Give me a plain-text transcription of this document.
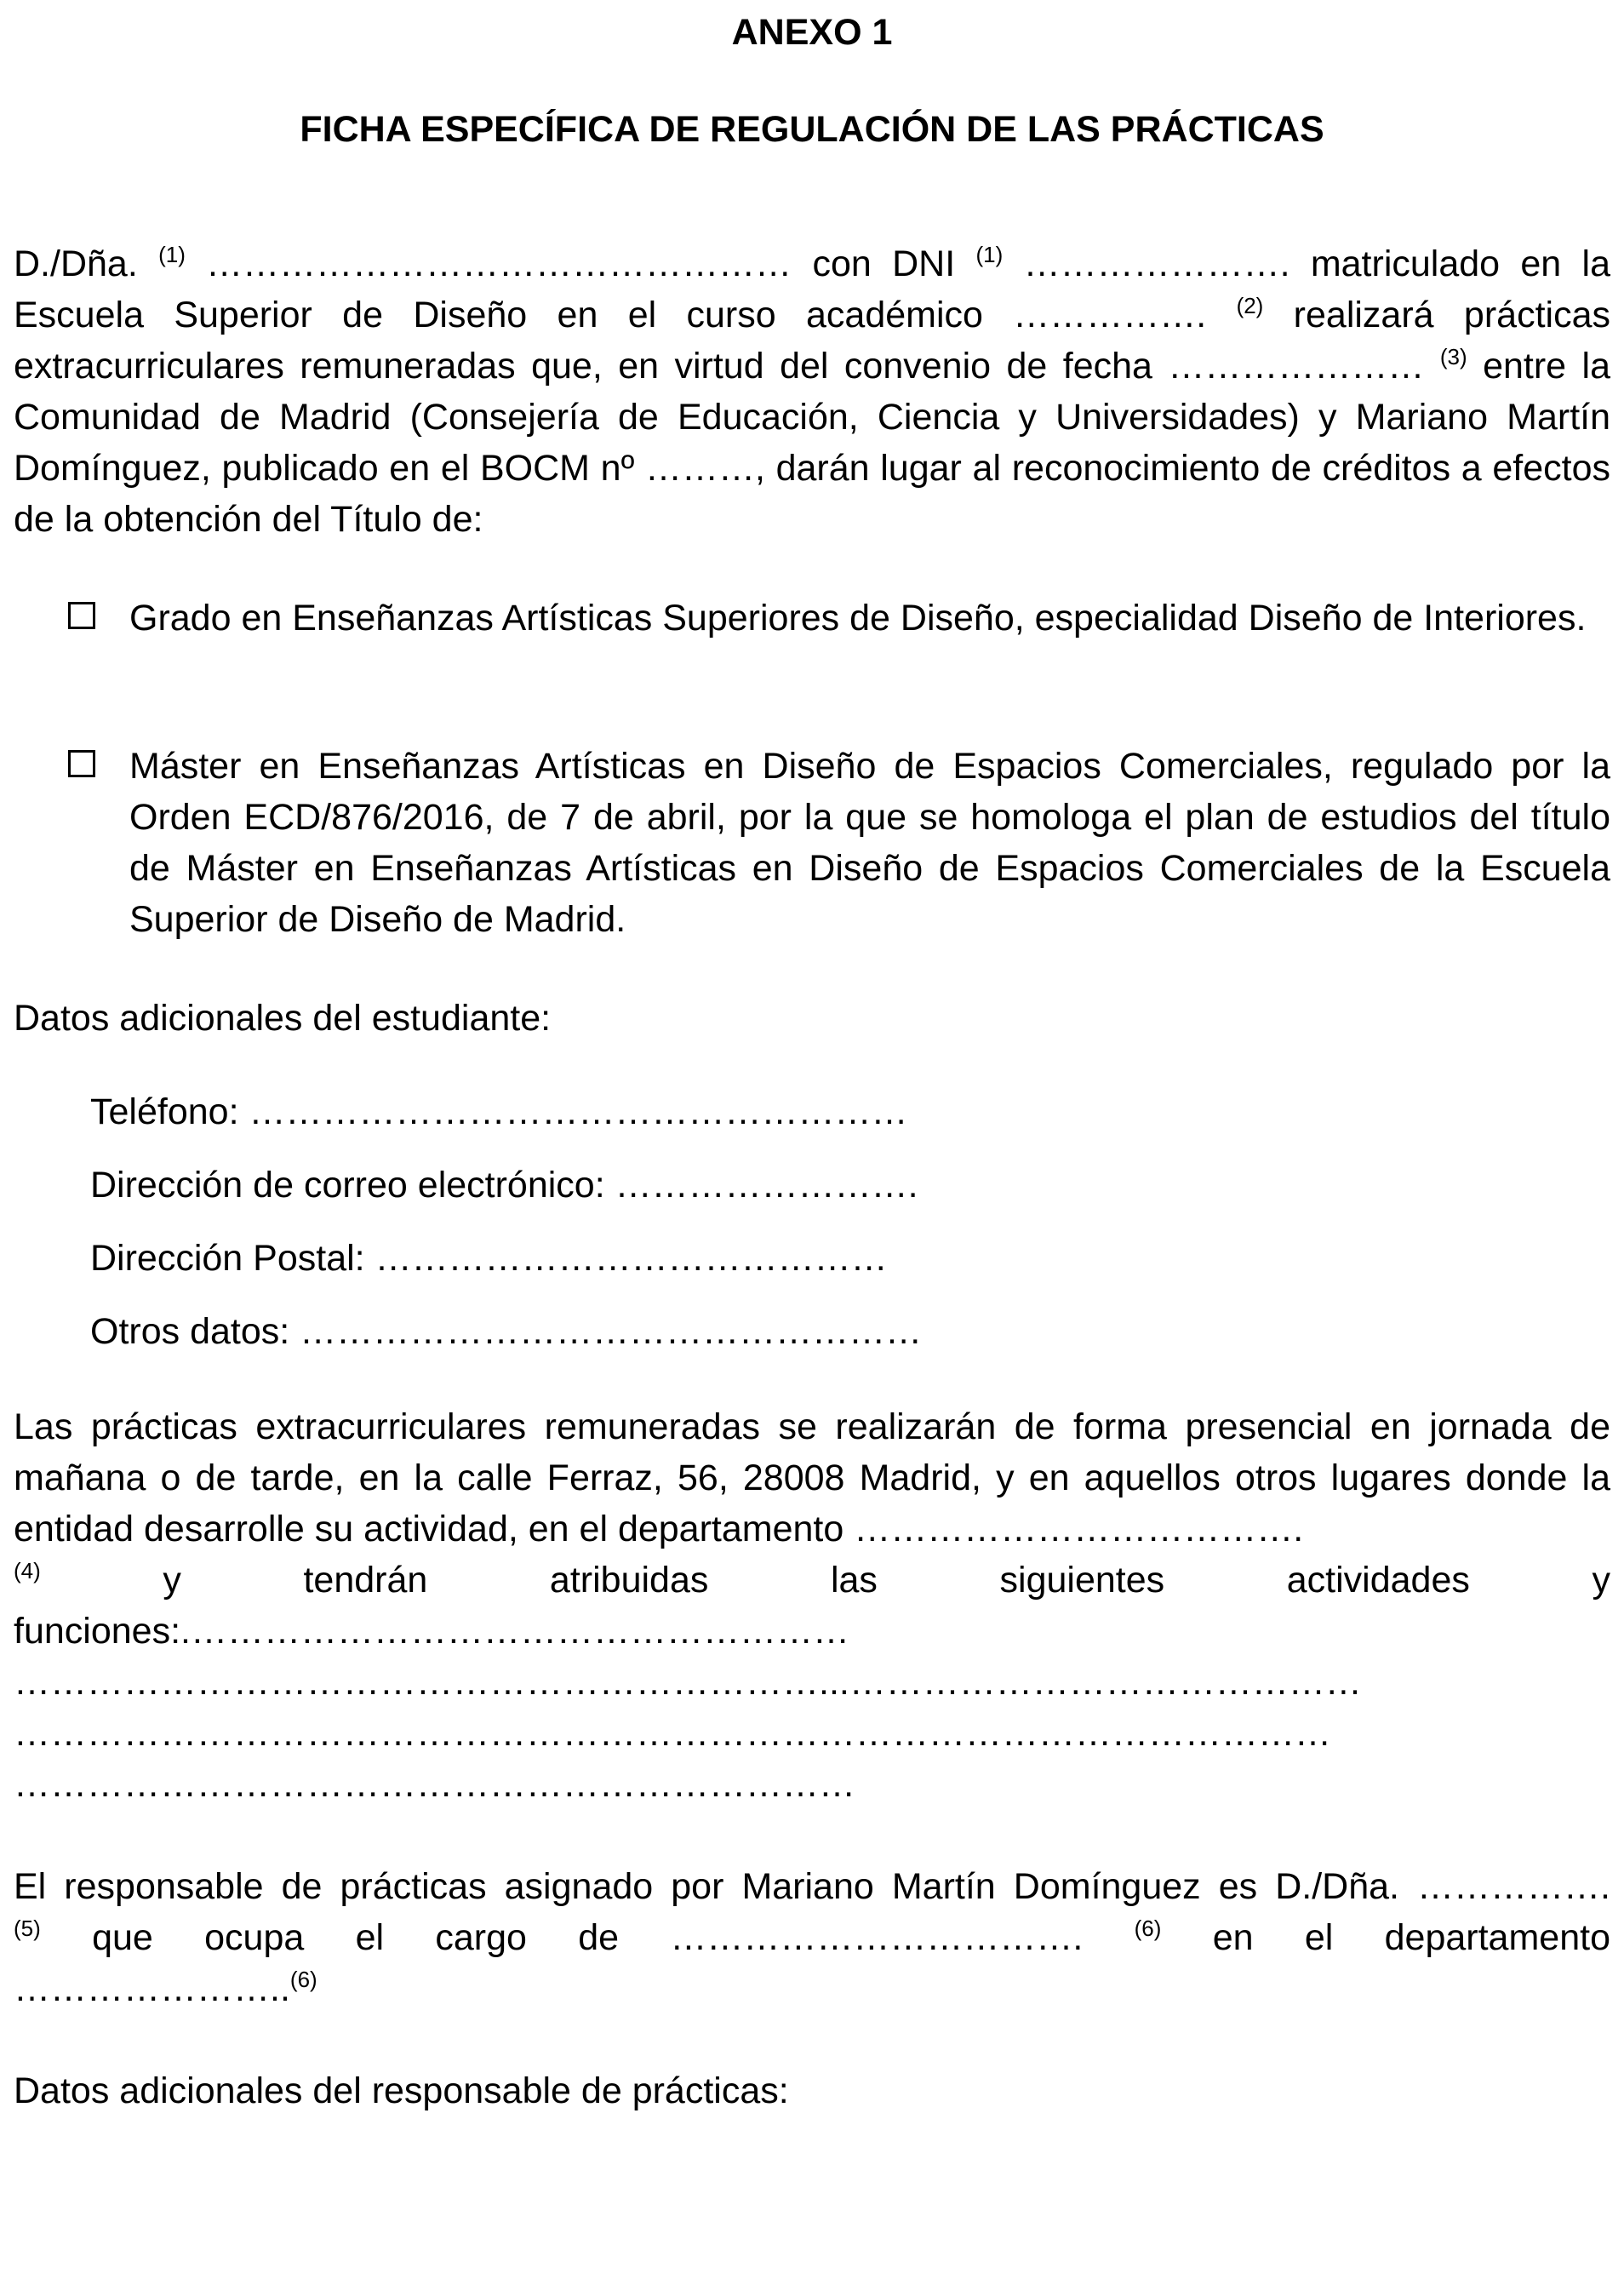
ANEXO 1
FICHA ESPECÍFICA DE REGULACIÓN DE LAS PRÁCTICAS

D./Dña. $^{(1)}$ ………………………………………… con DNI $^{(1)}$ …………………. matriculado en la Escuela Superior de Diseño en el curso académico ……………. $^{(2)}$ realizará prácticas extracurriculares remuneradas que, en virtud del convenio de fecha ………………… $^{(3)}$ entre la Comunidad de Madrid (Consejería de Educación, Ciencia y Universidades) y Mariano Martín Domínguez, publicado en el BOCM nº ………, darán lugar al reconocimiento de créditos a efectos de la obtención del Título de:

Grado en Enseñanzas Artísticas Superiores de Diseño, especialidad Diseño de Interiores.

Máster en Enseñanzas Artísticas en Diseño de Espacios Comerciales, regulado por la Orden ECD/876/2016, de 7 de abril, por la que se homologa el plan de estudios del título de Máster en Enseñanzas Artísticas en Diseño de Espacios Comerciales de la Escuela Superior de Diseño de Madrid.

Datos adicionales del estudiante:
Teléfono: ………………………………………………
Dirección de correo electrónico: …………………….
Dirección Postal: ……………………………………
Otros datos: ……………………………………………

Las prácticas extracurriculares remuneradas se realizarán de forma presencial en jornada de mañana o de tarde, en la calle Ferraz, 56, 28008 Madrid, y en aquellos otros lugares donde la entidad desarrolle su actividad, en el departamento ……………………………….

$^{(4)}$ y tendrán atribuidas las siguientes actividades y
funciones:.………………………………………………
…………………………………………………………...……………………………………
………………………………………………………………………………………………
……………………………………………………………
El responsable de prácticas asignado por Mariano Martín Domínguez es D./Dña. …………….
$^{(5)}$ que ocupa el cargo de ……………………………. $^{(6)}$ en el departamento
…………………..$^{(6)}$
Datos adicionales del responsable de prácticas:
